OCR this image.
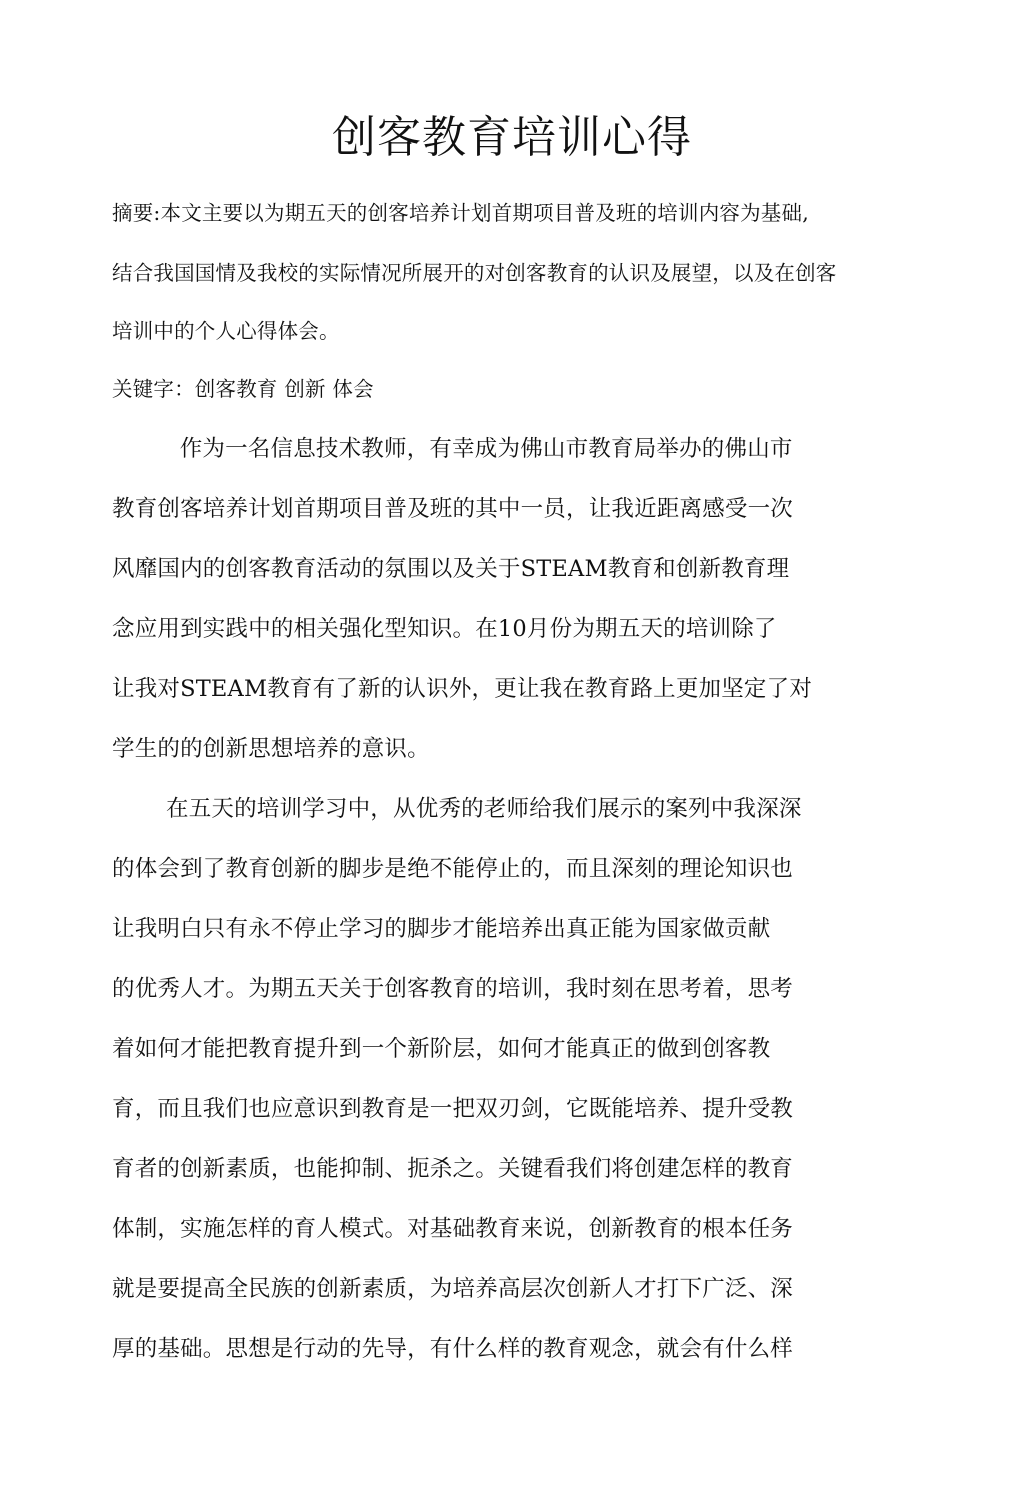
创客教育培训心得
摘要:本文主要以为期五天的创客培养计划首期项目普及班的培训内容为基础,
结合我国国情及我校的实际情况所展开的对创客教育的认识及展望，以及在创客
培训中的个人心得体会。
关键字：创客教育 创新 体会
　作为一名信息技术教师，有幸成为佛山市教育局举办的佛山市
教育创客培养计划首期项目普及班的其中一员，让我近距离感受一次
风靡国内的创客教育活动的氛围以及关于STEAM教育和创新教育理
念应用到实践中的相关强化型知识。在10月份为期五天的培训除了
让我对STEAM教育有了新的认识外，更让我在教育路上更加坚定了对
学生的的创新思想培养的意识。
在五天的培训学习中，从优秀的老师给我们展示的案列中我深深
的体会到了教育创新的脚步是绝不能停止的，而且深刻的理论知识也
让我明白只有永不停止学习的脚步才能培养出真正能为国家做贡献
的优秀人才。为期五天关于创客教育的培训，我时刻在思考着，思考
着如何才能把教育提升到一个新阶层，如何才能真正的做到创客教
育，而且我们也应意识到教育是一把双刃剑，它既能培养、提升受教
育者的创新素质，也能抑制、扼杀之。关键看我们将创建怎样的教育
体制，实施怎样的育人模式。对基础教育来说，创新教育的根本任务
就是要提高全民族的创新素质，为培养高层次创新人才打下广泛、深
厚的基础。思想是行动的先导，有什么样的教育观念，就会有什么样
